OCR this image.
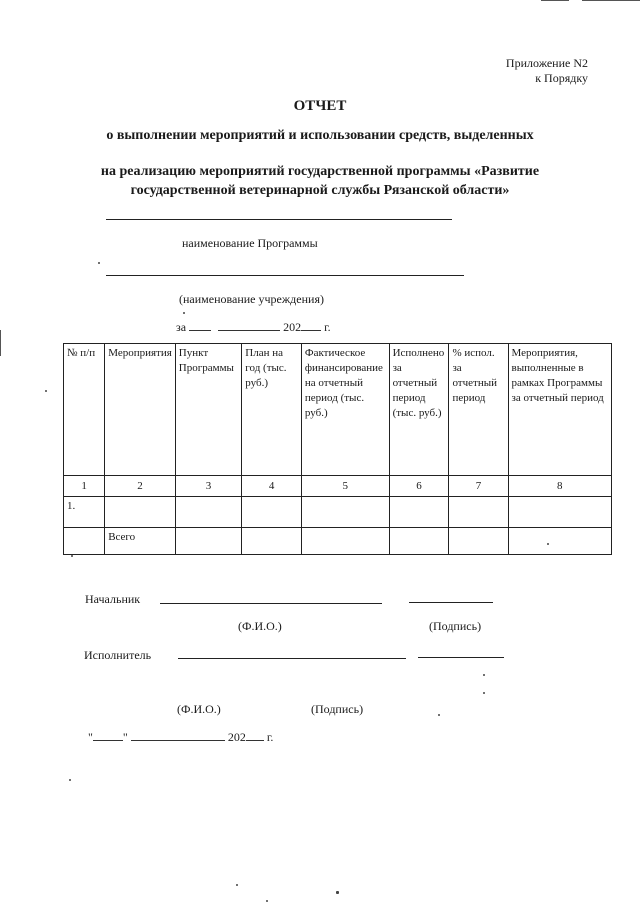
Приложение N2
к Порядку
ОТЧЕТ
о выполнении мероприятий и использовании средств, выделенных
на реализацию мероприятий государственной программы «Развитие
государственной ветеринарной службы Рязанской области»
наименование Программы
(наименование учреждения)
за	202 г.
№ п/п	Мероприятия	Пункт Программы	План на год (тыс. руб.)	Фактическое финансирование на отчетный период (тыс. руб.)	Исполнено за отчетный период (тыс. руб.)	% испол. за отчетный период	Мероприятия, выполненные в рамках Программы за отчетный период
1	2	3	4	5	6	7	8
1.							
	Всего						
Начальник
(Ф.И.О.)	(Подпись)
Исполнитель
(Ф.И.О.)	(Подпись)
"	"	202 г.
